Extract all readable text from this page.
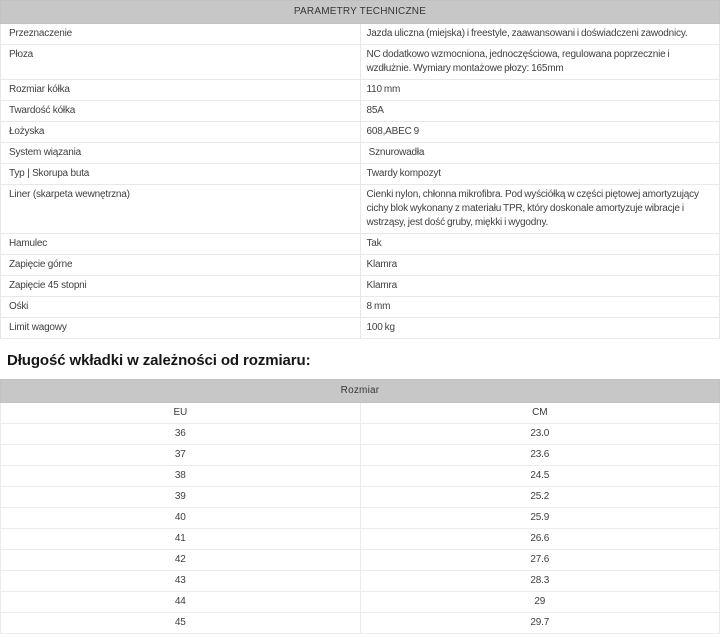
PARAMETRY TECHNICZNE	
Przeznaczenie	Jazda uliczna (miejska) i freestyle, zaawansowani i doświadczeni zawodnicy.
Płoza	NC dodatkowo wzmocniona, jednoczęściowa, regulowana poprzecznie i wzdłużnie. Wymiary montażowe płozy: 165mm
Rozmiar kółka	110 mm
Twardość kółka	85A
Łożyska	608,ABEC 9
System wiązania	Sznurowadła
Typ | Skorupa buta	Twardy kompozyt
Liner (skarpeta wewnętrzna)	Cienki nylon, chłonna mikrofibra. Pod wyściółką w części piętowej amortyzujący cichy blok wykonany z materiału TPR, który doskonale amortyzuje wibracje i wstrząsy, jest dość gruby, miękki i wygodny.
Hamulec	Tak
Zapięcie górne	Klamra
Zapięcie 45 stopni	Klamra
Ośki	8 mm
Limit wagowy	100 kg
Długość wkładki w zależności od rozmiaru:
Rozmiar	
EU	CM
36	23.0
37	23.6
38	24.5
39	25.2
40	25.9
41	26.6
42	27.6
43	28.3
44	29
45	29.7
